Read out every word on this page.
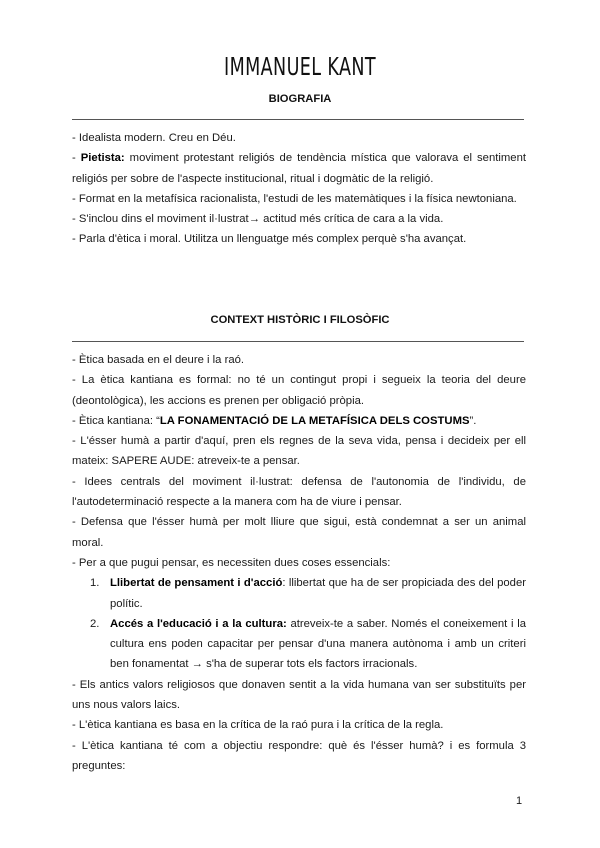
IMMANUEL KANT
BIOGRAFIA

- Idealista modern. Creu en Déu.

- Pietista: moviment protestant religiós de tendència mística que valorava el sentiment religiós per sobre de l'aspecte institucional, ritual i dogmàtic de la religió.

- Format en la metafísica racionalista, l'estudi de les matemàtiques i la física newtoniana.

- S'inclou dins el moviment il·lustrat→ actitud més crítica de cara a la vida.

- Parla d'ètica i moral. Utilitza un llenguatge més complex perquè s'ha avançat.

CONTEXT HISTÒRIC I FILOSÒFIC

- Ètica basada en el deure i la raó.

- La ètica kantiana es formal: no té un contingut propi i segueix la teoria del deure (deontològica), les accions es prenen per obligació pròpia.

- Ètica kantiana: “LA FONAMENTACIÓ DE LA METAFÍSICA DELS COSTUMS”.

- L'ésser humà a partir d'aquí, pren els regnes de la seva vida, pensa i decideix per ell mateix: SAPERE AUDE: atreveix-te a pensar.

- Idees centrals del moviment il·lustrat: defensa de l'autonomia de l'individu, de l'autodeterminació respecte a la manera com ha de viure i pensar.

- Defensa que l'ésser humà per molt lliure que sigui, està condemnat a ser un animal moral.

- Per a que pugui pensar, es necessiten dues coses essencials:

1. Llibertat de pensament i d'acció: llibertat que ha de ser propiciada des del poder polític.
2. Accés a l'educació i a la cultura: atreveix-te a saber. Només el coneixement i la cultura ens poden capacitar per pensar d'una manera autònoma i amb un criteri ben fonamentat → s'ha de superar tots els factors irracionals.

- Els antics valors religiosos que donaven sentit a la vida humana van ser substituïts per uns nous valors laics.

- L'ètica kantiana es basa en la crítica de la raó pura i la crítica de la regla.

- L'ètica kantiana té com a objectiu respondre: què és l'ésser humà? i es formula 3 preguntes:

1
